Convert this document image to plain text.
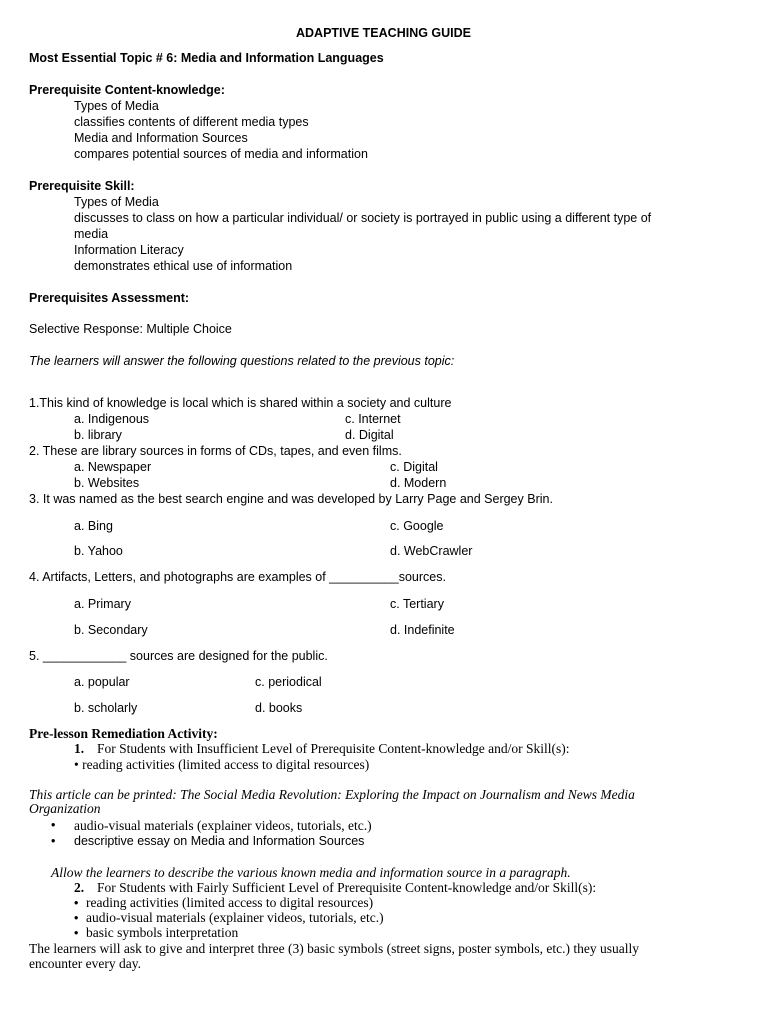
ADAPTIVE TEACHING GUIDE
Most Essential Topic # 6: Media and Information Languages
Prerequisite Content-knowledge:
Types of Media
classifies contents of different media types
Media and Information Sources
compares potential sources of media and information
Prerequisite Skill:
Types of Media
discusses to class on how a particular individual/ or society is portrayed in public using a different type of
media
Information Literacy
demonstrates ethical use of information
Prerequisites Assessment:
Selective Response: Multiple Choice
The learners will answer the following questions related to the previous topic:
1.This kind of knowledge is local which is shared within a society and culture
a. Indigenous	c. Internet
b. library	d. Digital
2. These are library sources in forms of CDs, tapes, and even films.
a. Newspaper	c. Digital
b. Websites	d. Modern
3. It was named as the best search engine and was developed by Larry Page and Sergey Brin.
a. Bing	c. Google
b. Yahoo	d. WebCrawler
4. Artifacts, Letters, and photographs are examples of __________sources.
a. Primary	c. Tertiary
b. Secondary	d. Indefinite
5. ____________ sources are designed for the public.
a. popular	c. periodical
b. scholarly	d. books
Pre-lesson Remediation Activity:
1. For Students with Insufficient Level of Prerequisite Content-knowledge and/or Skill(s):
• reading activities (limited access to digital resources)
This article can be printed: The Social Media Revolution: Exploring the Impact on Journalism and News Media
Organization
• audio-visual materials (explainer videos, tutorials, etc.)
• descriptive essay on Media and Information Sources
Allow the learners to describe the various known media and information source in a paragraph.
2. For Students with Fairly Sufficient Level of Prerequisite Content-knowledge and/or Skill(s):
• reading activities (limited access to digital resources)
• audio-visual materials (explainer videos, tutorials, etc.)
• basic symbols interpretation
The learners will ask to give and interpret three (3) basic symbols (street signs, poster symbols, etc.) they usually
encounter every day.
